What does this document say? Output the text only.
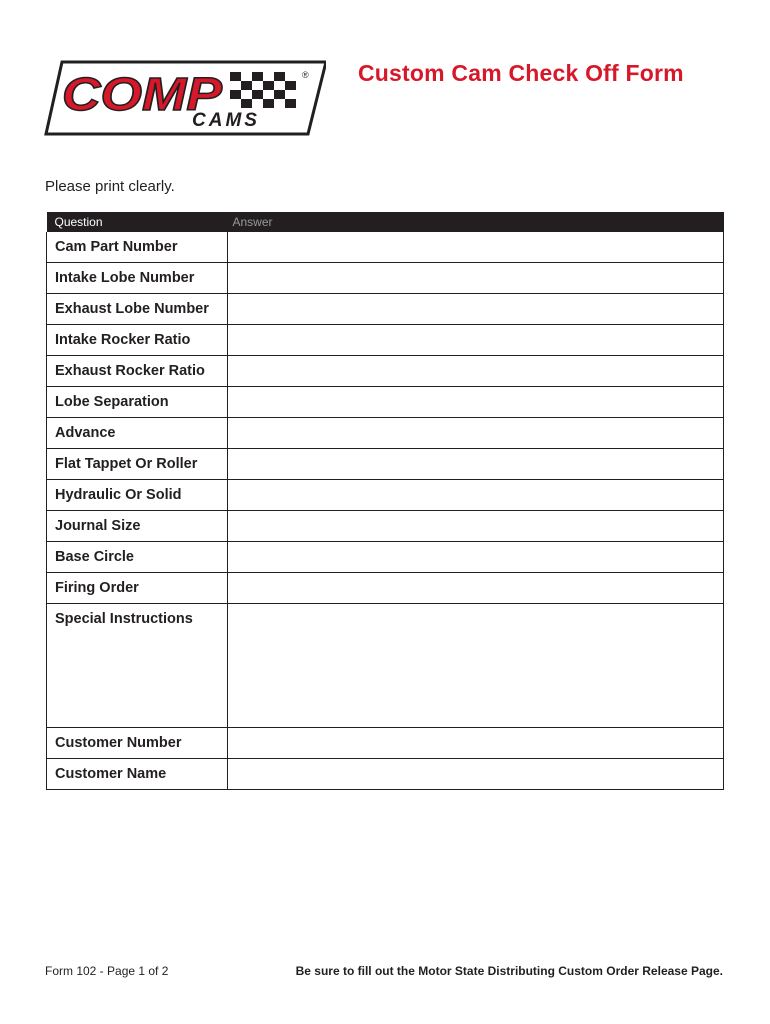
COMP	®
CAMS
Custom Cam Check Off Form
Please print clearly.
Question	Answer
Cam Part Number	
Intake Lobe Number	
Exhaust Lobe Number	
Intake Rocker Ratio	
Exhaust Rocker Ratio	
Lobe Separation	
Advance	
Flat Tappet Or Roller	
Hydraulic Or Solid	
Journal Size	
Base Circle	
Firing Order	
Special Instructions	
Customer Number	
Customer Name	
Form 102 - Page 1 of 2	Be sure to fill out the Motor State Distributing Custom Order Release Page.
